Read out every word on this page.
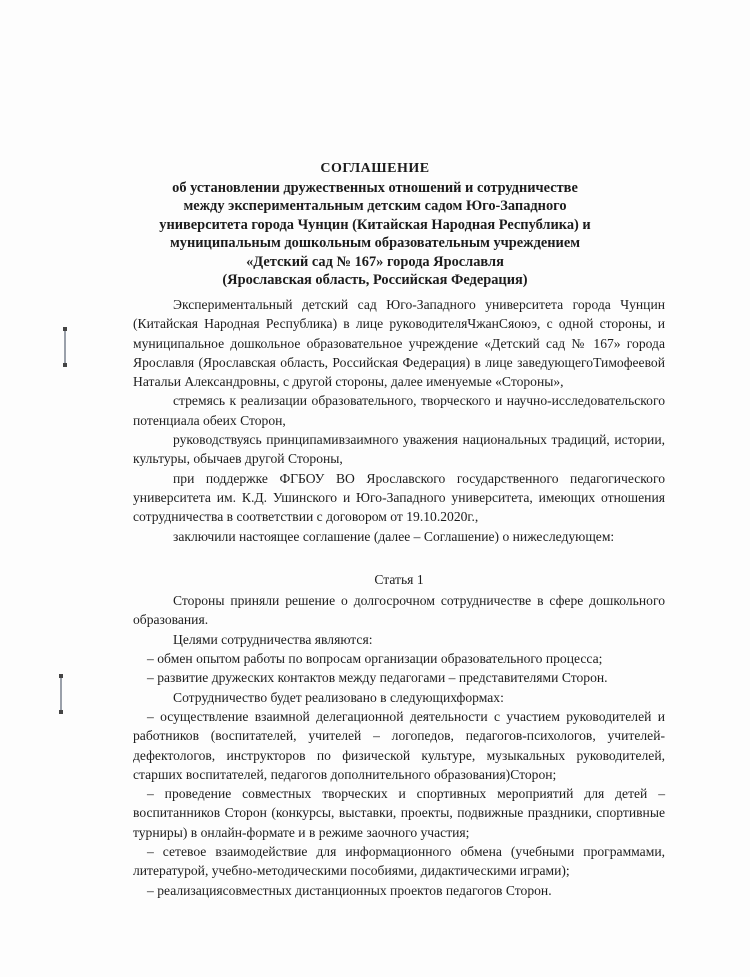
СОГЛАШЕНИЕ
об установлении дружественных отношений и сотрудничестве
между экспериментальным детским садом Юго-Западного
университета города Чунцин (Китайская Народная Республика) и
муниципальным дошкольным образовательным учреждением
«Детский сад № 167» города Ярославля
(Ярославская область, Российская Федерация)

Экспериментальный детский сад Юго-Западного университета города Чунцин (Китайская Народная Республика) в лице руководителяЧжанСяоюэ, с одной стороны, и муниципальное дошкольное образовательное учреждение «Детский сад № 167» города Ярославля (Ярославская область, Российская Федерация) в лице заведующегоТимофеевой Натальи Александровны, с другой стороны, далее именуемые «Стороны»,

стремясь к реализации образовательного, творческого и научно-исследовательского потенциала обеих Сторон,

руководствуясь принципамивзаимного уважения национальных традиций, истории, культуры, обычаев другой Стороны,

при поддержке ФГБОУ ВО Ярославского государственного педагогического университета им. К.Д. Ушинского и Юго-Западного университета, имеющих отношения сотрудничества в соответствии с договором от 19.10.2020г.,

заключили настоящее соглашение (далее – Соглашение) о нижеследующем:

Статья 1

Стороны приняли решение о долгосрочном сотрудничестве в сфере дошкольного образования.

Целями сотрудничества являются:

– обмен опытом работы по вопросам организации образовательного процесса;

– развитие дружеских контактов между педагогами – представителями Сторон.

Сотрудничество будет реализовано в следующихформах:

– осуществление взаимной делегационной деятельности с участием руководителей и работников (воспитателей, учителей – логопедов, педагогов-психологов, учителей-дефектологов, инструкторов по физической культуре, музыкальных руководителей, старших воспитателей, педагогов дополнительного образования)Сторон;

– проведение совместных творческих и спортивных мероприятий для детей – воспитанников Сторон (конкурсы, выставки, проекты, подвижные праздники, спортивные турниры) в онлайн-формате и в режиме заочного участия;

– сетевое взаимодействие для информационного обмена (учебными программами, литературой, учебно-методическими пособиями, дидактическими играми);

– реализациясовместных дистанционных проектов педагогов Сторон.
